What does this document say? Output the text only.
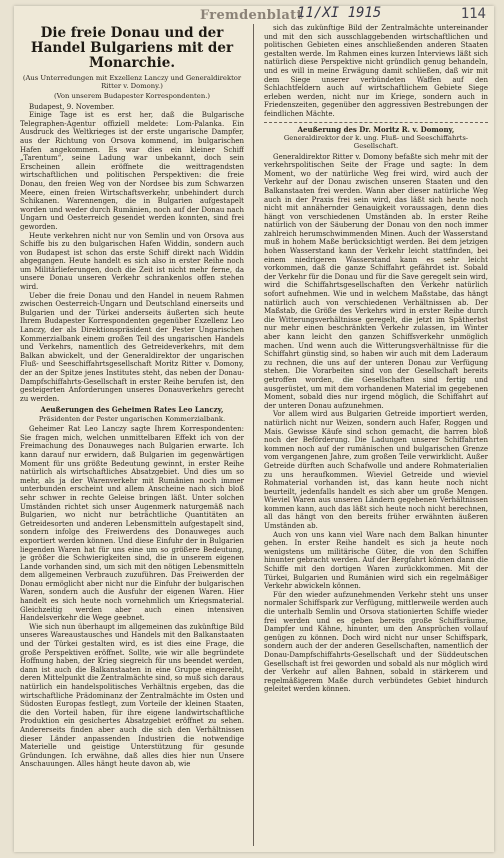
Fremdenblatt
11/XI 1915	114
Die freie Donau und der Handel Bulgariens mit der Monarchie.
(Aus Unterredungen mit Exzellenz Lanczy und Generaldirektor Ritter v. Domony.)
(Von unserem Budapester Korrespondenten.)

Budapest, 9. November.

Einige Tage ist es erst her, daß die Bulgarische Telegraphen-Agentur offiziell meldete: Lom-Palanka. Ein Ausdruck des Weltkrieges ist der erste ungarische Dampfer, aus der Richtung von Orsova kommend, im bulgarischen Hafen angekommen. Es war dies ein kleiner Schiff „Tarentum“, seine Ladung war unbekannt, doch sein Erscheinen allein eröffnete die weittragendsten wirtschaftlichen und politischen Perspektiven: die freie Donau, den freien Weg von der Nordsee bis zum Schwarzen Meere, einen freien Wirtschaftsverkehr, unbehindert durch Schikanen. Warennengen, die in Bulgarien aufgestapelt worden und weder durch Rumänien, noch auf der Donau nach Ungarn und Oesterreich gesendet werden konnten, sind frei geworden.

Heute verkehren nicht nur von Semlin und von Orsova aus Schiffe bis zu den bulgarischen Hafen Widdin, sondern auch von Budapest ist schon das erste Schiff direkt nach Widdin abgegangen. Heute handelt es sich also in erster Reihe noch um Militärlieferungen, doch die Zeit ist nicht mehr ferne, da unsere Donau unseren Verkehr schrankenlos offen stehen wird.

Ueber die freie Donau und den Handel in neuem Rahmen zwischen Oesterreich-Ungarn und Deutschland einerseits und Bulgarien und der Türkei anderseits äußerten sich heute Ihrem Budapester Korrespondenten gegenüber Exzellenz Leo Lanczy, der als Direktionspräsident der Pester Ungarischen Kommerzialbank einem großen Teil des ungarischen Handels und Verkehrs, namentlich des Getreideverkehrs, mit dem Balkan abwickelt, und der Generaldirektor der ungarischen Fluß- und Seeschiffahrtsgesellschaft Moritz Ritter v. Domony, der an der Spitze jenes Institutes steht, das neben der Donau-Dampfschiffahrts-Gesellschaft in erster Reihe berufen ist, den gesteigerten Anforderungen unseres Donauverkehrs gerecht zu werden.

Aeußerungen des Geheimen Rates Leo Lanczy,
Präsidenten der Pester ungarischen Kommerzialbank.

Geheimer Rat Leo Lanczy sagte Ihrem Korrespondenten: Sie fragen mich, welchen unmittelbaren Effekt ich von der Freimachung des Donauweges nach Bulgarien erwarte. Ich kann darauf nur erwidern, daß Bulgarien im gegenwärtigen Moment für uns größte Bedeutung gewinnt, in erster Reihe natürlich als wirtschaftliches Absatzgebiet. Und dies um so mehr, als ja der Warenverkehr mit Rumänien noch immer unterbunden erscheint und allem Anscheine nach sich bloß sehr schwer in rechte Geleise bringen läßt. Unter solchen Umständen richtet sich unser Augenmerk naturgemäß nach Bulgarien, wo nicht nur beträchtliche Quantitäten an Getreidesorten und anderen Lebensmitteln aufgestapelt sind, sondern infolge des Freiwerdens des Donauweges auch exportiert werden können. Und diese Einfuhr der in Bulgarien liegenden Waren hat für uns eine um so größere Bedeutung, je größer die Schwierigkeiten sind, die in unserem eigenen Lande vorhanden sind, um sich mit den nötigen Lebensmitteln dem allgemeinen Verbrauch zuzuführen. Das Freiwerden der Donau ermöglicht aber nicht nur die Einfuhr der bulgarischen Waren, sondern auch die Ausfuhr der eigenen Waren. Hier handelt es sich heute noch vornehmlich um Kriegsmaterial. Gleichzeitig werden aber auch einen intensiven Handelsverkehr die Wege geebnet.

Wie sich nun überhaupt im allgemeinen das zukünftige Bild unseres Wareaustausches und Handels mit den Balkanstaaten und der Türkei gestalten wird, es ist dies eine Frage, die große Perspektiven eröffnet. Sollte, wie wir alle begründete Hoffnung haben, der Krieg siegreich für uns beendet werden, dann ist auch die Balkanstaaten in eine Gruppe eingereiht, deren Mittelpunkt die Zentralmächte sind, so muß sich daraus natürlich ein handelspolitisches Verhältnis ergeben, das die wirtschaftliche Prädominanz der Zentralmächte im Osten und Südosten Europas festlegt, zum Vorteile der kleinen Staaten, die den Vorteil haben, für ihre eigene landwirtschaftliche Produktion ein gesichertes Absatzgebiet eröffnet zu sehen. Andererseits finden aber auch die sich den Verhältnissen dieser Länder anpassenden Industrien die notwendige Materielle und geistige Unterstützung für gesunde Gründungen. Ich erwähne, daß alles dies hier nun Unsere Anschauungen. Alles hängt heute davon ab, wie

sich das zukünftige Bild der Zentralmächte untereinander und mit den sich ausschlaggebenden wirtschaftlichen und politischen Gebieten eines anschließenden anderen Staaten gestalten werde. Im Rahmen eines kurzen Interviews läßt sich natürlich diese Perspektive nicht gründlich genug behandeln, und es will in meine Erwägung damit schließen, daß wir mit dem Siege unserer verbündeten Waffen auf den Schlachtfeldern auch auf wirtschaftlichem Gebiete Siege erleben werden, nicht nur im Kriege, sondern auch in Friedenszeiten, gegenüber den aggressiven Bestrebungen der feindlichen Mächte.

Aeußerung des Dr. Moritz R. v. Domony,
Generaldirektor der k. ung. Fluß- und Seeschiffahrts-Gesellschaft.

Generaldirektor Ritter v. Domony befaßte sich mehr mit der verkehrspolitischen Seite der Frage und sagte: In dem Moment, wo der natürliche Weg frei wird, wird auch der Verkehr auf der Donau zwischen unseren Staaten und den Balkanstaaten frei werden. Wann aber dieser natürliche Weg auch in der Praxis frei sein wird, das läßt sich heute noch nicht mit annähernder Genauigkeit voraussagen, denn dies hängt von verschiedenen Umständen ab. In erster Reihe natürlich von der Säuberung der Donau von den noch immer zahlreich herumschwimmenden Minen. Auch der Wasserstand muß in hohem Maße berücksichtigt werden. Bei dem jetzigen hohen Wasserstand kann der Verkehr leicht stattfinden, bei einem niedrigeren Wasserstand kann es sehr leicht vorkommen, daß die ganze Schiffahrt gefährdet ist. Sobald der Verkehr für die Donau und für die Save geregelt sein wird, wird die Schiffahrtsgesellschaften den Verkehr natürlich sofort aufnehmen. Wie und in welchem Maßstabe, das hängt natürlich auch von verschiedenen Verhältnissen ab. Der Maßstab, die Größe des Verkehrs wird in erster Reihe durch die Witterungsverhältnisse geregelt, die jetzt im Spätherbst nur mehr einen beschränkten Verkehr zulassen, im Winter aber kann leicht den ganzen Schiffsverkehr unmöglich machen. Und wenn auch die Witterungsverhältnisse für die Schiffahrt günstig sind, so haben wir auch mit dem Laderaum zu rechnen, die uns auf der unteren Donau zur Verfügung stehen. Die Vorarbeiten sind von der Gesellschaft bereits getroffen worden, die Gesellschaften sind fertig und ausgerüstet, um mit dem vorhandenen Material im gegebenen Moment, sobald dies nur irgend möglich, die Schiffahrt auf der unteren Donau aufzunehmen.

Vor allem wird aus Bulgarien Getreide importiert werden, natürlich nicht nur Weizen, sondern auch Hafer, Roggen und Mais. Gewisse Käufe sind schon gemacht, die harren bloß noch der Beförderung. Die Ladungen unserer Schiffahrten kommen noch auf der rumänischen und bulgarischen Grenze vom vergangenen Jahre, zum großen Teile verwirklicht. Außer Getreide dürften auch Schafwolle und andere Rohmaterialien zu uns heraufkommen. Wieviel Getreide und wieviel Rohmaterial vorhanden ist, das kann heute noch nicht beurteilt, jedenfalls handelt es sich aber um große Mengen. Wieviel Waren aus unseren Ländern gegebenen Verhältnissen kommen kann, auch das läßt sich heute noch nicht berechnen, all das hängt von den bereits früher erwähnten äußeren Umständen ab.

Auch von uns kann viel Ware nach dem Balkan hinunter gehen. In erster Reihe handelt es sich ja heute noch wenigstens um militärische Güter, die von den Schiffen hinunter gebracht werden. Auf der Bergfahrt können dann die Schiffe mit den dortigen Waren zurückkommen. Mit der Türkei, Bulgarien und Rumänien wird sich ein regelmäßiger Verkehr abwickeln können.

Für den wieder aufzunehmenden Verkehr steht uns unser normaler Schiffspark zur Verfügung, mittlerweile werden auch die unterhalb Semlin und Orsova stationierten Schiffe wieder frei werden und es geben bereits große Schiffsräume, Dampfer und Kähne, hinunter, um den Ansprüchen vollauf genügen zu können. Doch wird nicht nur unser Schiffspark, sondern auch der der anderen Gesellschaften, namentlich der Donau-Dampfschiffahrts-Gesellschaft und der Süddeutschen Gesellschaft ist frei geworden und sobald als nur möglich wird der Verkehr auf allen Bahnen, sobald in stärkerem und regelmäßigerem Maße durch verbündetes Gebiet hindurch geleitet werden können.
